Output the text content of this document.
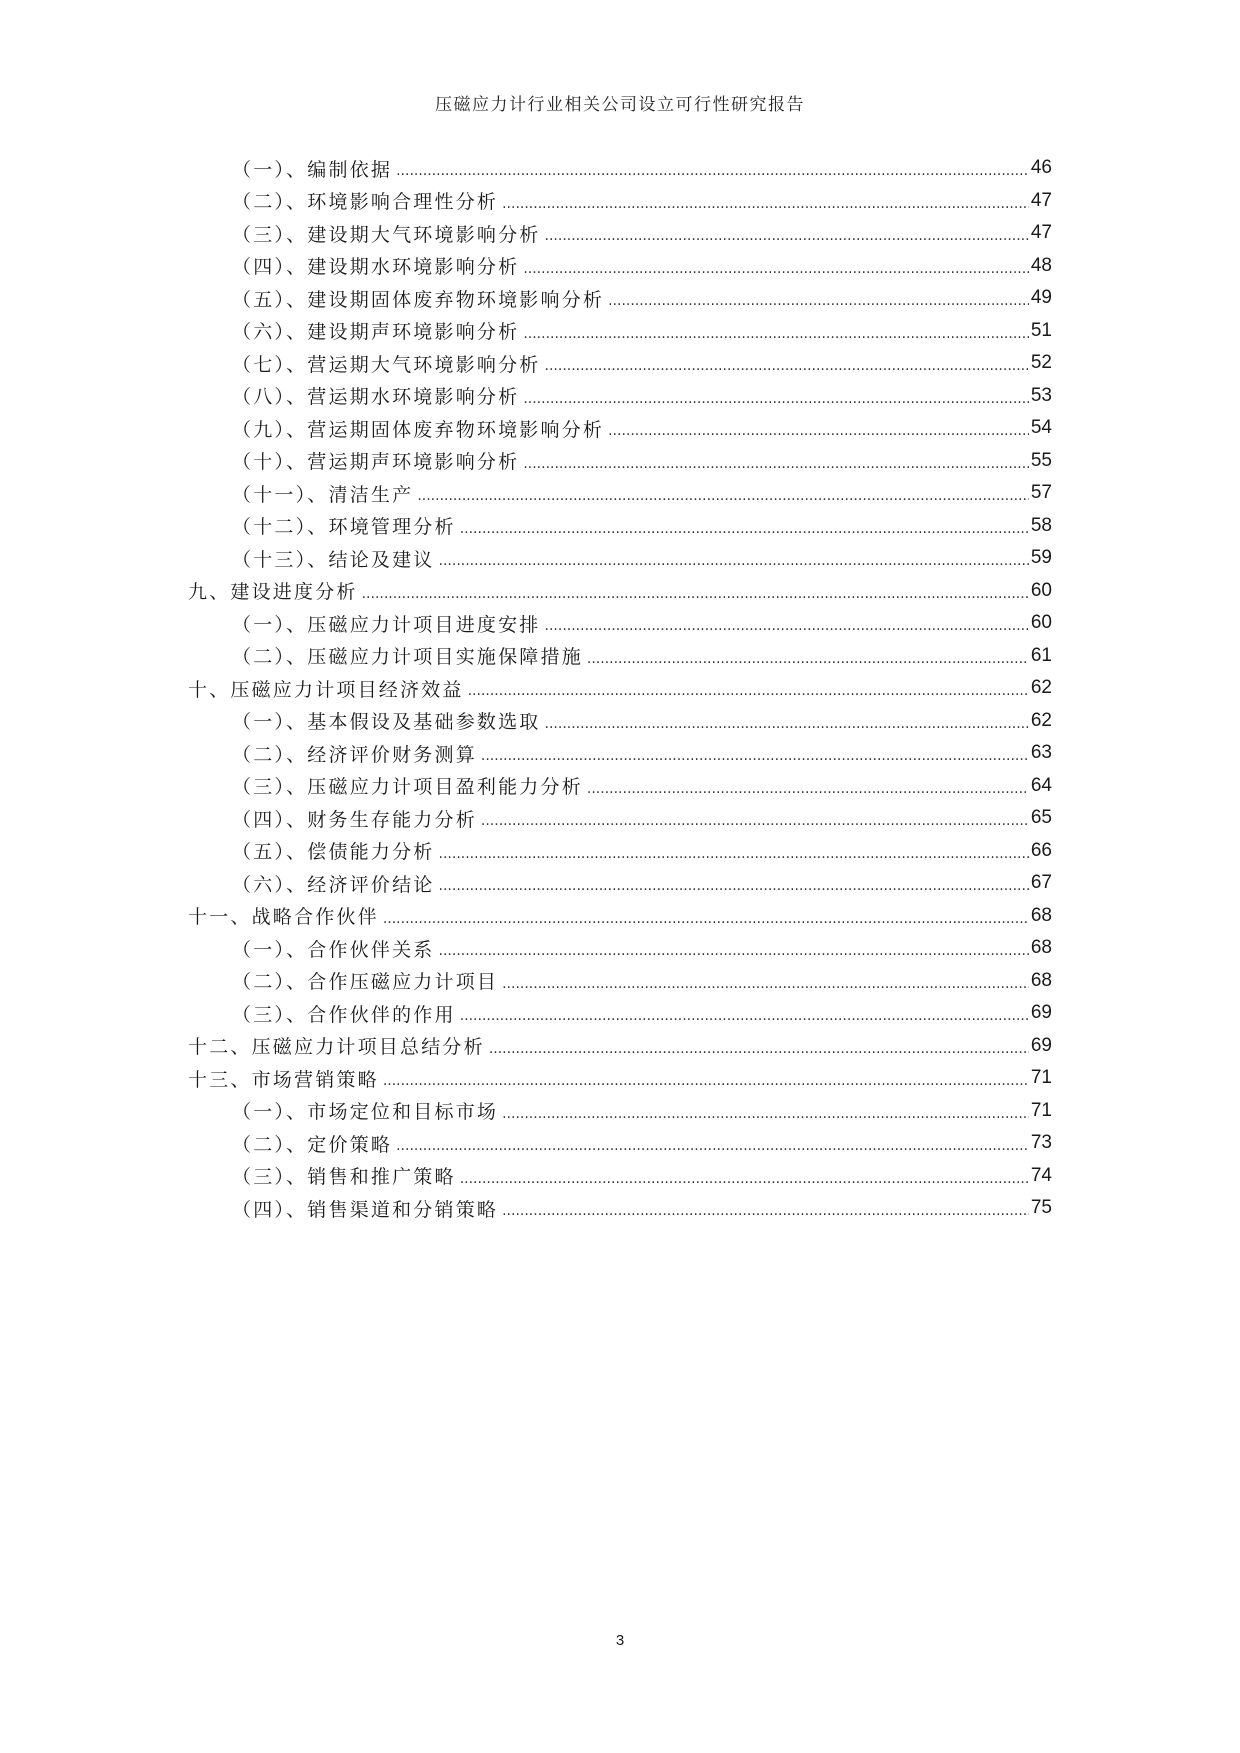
压磁应力计行业相关公司设立可行性研究报告
（一）、编制依据 .....	46
（二）、环境影响合理性分析 .....	47
（三）、建设期大气环境影响分析 .....	47
（四）、建设期水环境影响分析 .....	48
（五）、建设期固体废弃物环境影响分析 .....	49
（六）、建设期声环境影响分析 .....	51
（七）、营运期大气环境影响分析 .....	52
（八）、营运期水环境影响分析 .....	53
（九）、营运期固体废弃物环境影响分析 .....	54
（十）、营运期声环境影响分析 .....	55
（十一）、清洁生产 .....	57
（十二）、环境管理分析 .....	58
（十三）、结论及建议 .....	59
九、建设进度分析 .....	60
（一）、压磁应力计项目进度安排 .....	60
（二）、压磁应力计项目实施保障措施 .....	61
十、压磁应力计项目经济效益 .....	62
（一）、基本假设及基础参数选取 .....	62
（二）、经济评价财务测算 .....	63
（三）、压磁应力计项目盈利能力分析 .....	64
（四）、财务生存能力分析 .....	65
（五）、偿债能力分析 .....	66
（六）、经济评价结论 .....	67
十一、战略合作伙伴 .....	68
（一）、合作伙伴关系 .....	68
（二）、合作压磁应力计项目 .....	68
（三）、合作伙伴的作用 .....	69
十二、压磁应力计项目总结分析 .....	69
十三、市场营销策略 .....	71
（一）、市场定位和目标市场 .....	71
（二）、定价策略 .....	73
（三）、销售和推广策略 .....	74
（四）、销售渠道和分销策略 .....	75
3
